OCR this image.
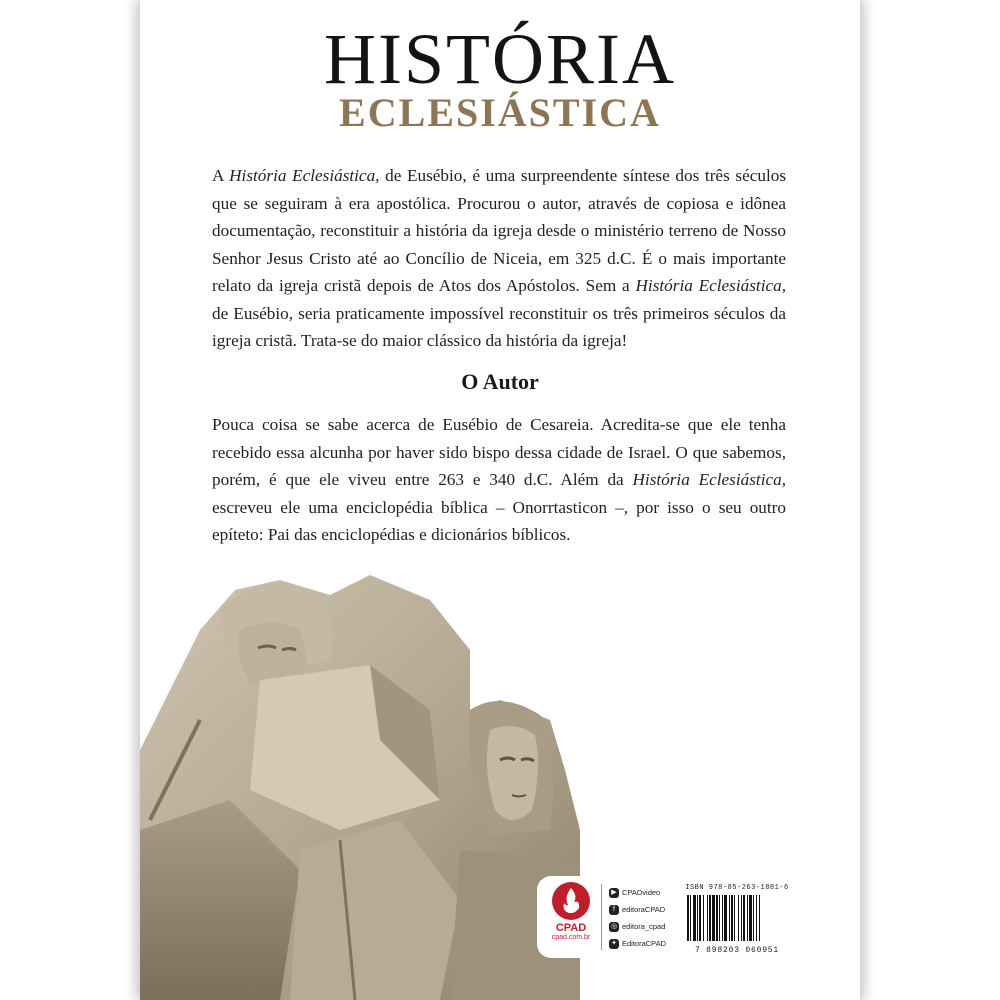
HISTÓRIA
ECLESIÁSTICA
A História Eclesiástica, de Eusébio, é uma surpreendente síntese dos três séculos que se seguiram à era apostólica. Procurou o autor, através de copiosa e idônea documentação, reconstituir a história da igreja desde o ministério terreno de Nosso Senhor Jesus Cristo até ao Concílio de Niceia, em 325 d.C. É o mais importante relato da igreja cristã depois de Atos dos Apóstolos. Sem a História Eclesiástica, de Eusébio, seria praticamente impossível reconstituir os três primeiros séculos da igreja cristã. Trata-se do maior clássico da história da igreja!
O Autor
Pouca coisa se sabe acerca de Eusébio de Cesareia. Acredita-se que ele tenha recebido essa alcunha por haver sido bispo dessa cidade de Israel. O que sabemos, porém, é que ele viveu entre 263 e 340 d.C. Além da História Eclesiástica, escreveu ele uma enciclopédia bíblica – Onorrtasticon –, por isso o seu outro epíteto: Pai das enciclopédias e dicionários bíblicos.
CPAD
cpad.com.br
▶ CPADvideo
f editoraCPAD
◎ editora_cpad
✦ EditoraCPAD
ISBN 978-85-263-1881-6
7 898203 060951
